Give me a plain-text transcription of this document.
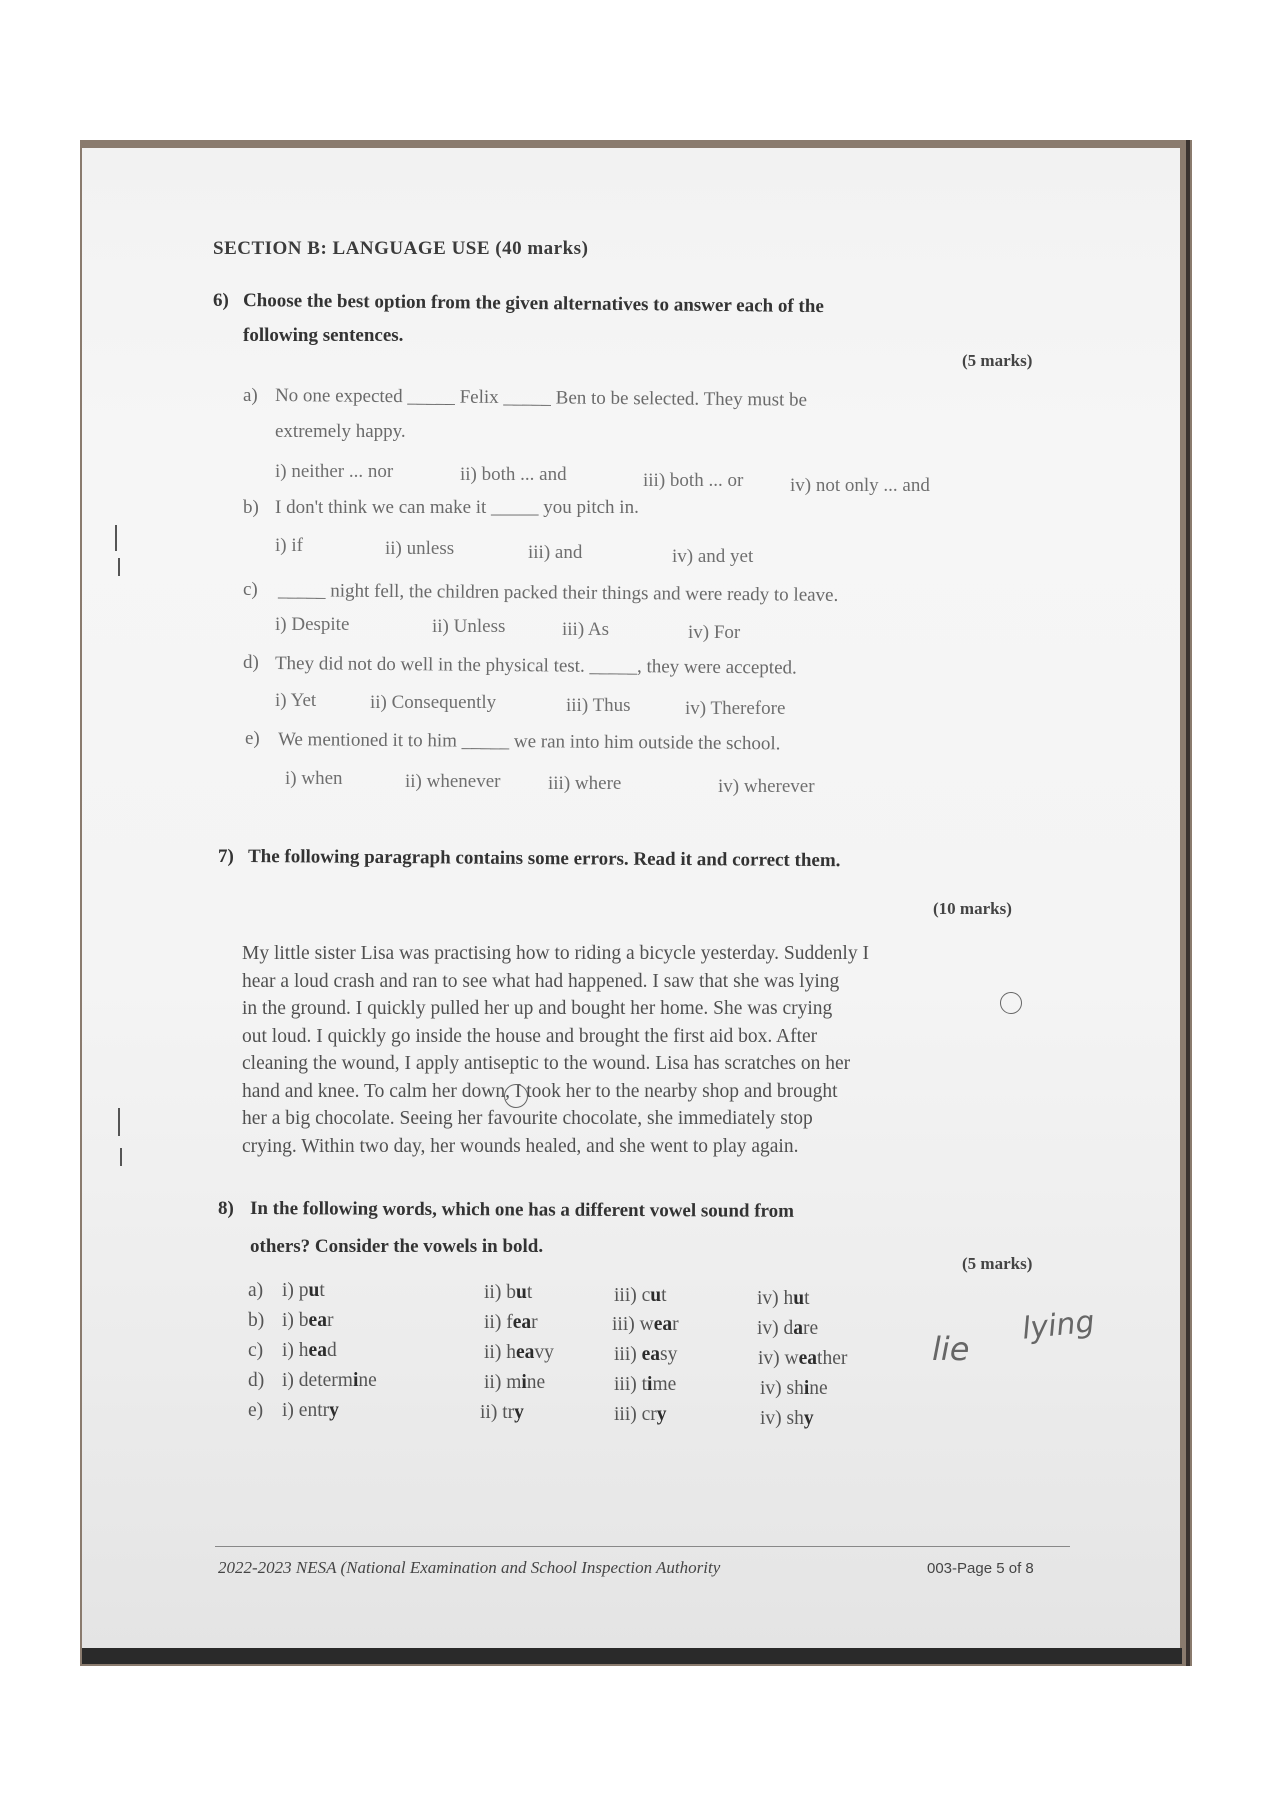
SECTION B: LANGUAGE USE (40 marks)
6) Choose the best option from the given alternatives to answer each of the
following sentences.
(5 marks)
a) No one expected _____ Felix _____ Ben to be selected. They must be
extremely happy.
i) neither ... nor	ii) both ... and	iii) both ... or iv) not only ... and
b) I don't think we can make it _____ you pitch in.
i) if	ii) unless	iii) and	iv) and yet
c) _____ night fell, the children packed their things and were ready to leave.
i) Despite	ii) Unless	iii) As	iv) For
d) They did not do well in the physical test. _____, they were accepted.
i) Yet	ii) Consequently	iii) Thus	iv) Therefore
e) We mentioned it to him _____ we ran into him outside the school.
i) when	ii) whenever	iii) where	iv) wherever
7) The following paragraph contains some errors. Read it and correct them.
(10 marks)
My little sister Lisa was practising how to riding a bicycle yesterday. Suddenly I
hear a loud crash and ran to see what had happened. I saw that she was lying
in the ground. I quickly pulled her up and bought her home. She was crying
out loud. I quickly go inside the house and brought the first aid box. After
cleaning the wound, I apply antiseptic to the wound. Lisa has scratches on her
hand and knee. To calm her down, I took her to the nearby shop and brought
her a big chocolate. Seeing her favourite chocolate, she immediately stop
crying. Within two day, her wounds healed, and she went to play again.
8) In the following words, which one has a different vowel sound from
others? Consider the vowels in bold.
(5 marks)
a) i) put	ii) but	iii) cut	iv) hut
b) i) bear	ii) fear	iii) wear	iv) dare
c) i) head	ii) heavy	iii) easy	iv) weather
d) i) determine	ii) mine	iii) time	iv) shine
e) i) entry	ii) try	iii) cry	iv) shy
lie
lying
2022-2023 NESA (National Examination and School Inspection Authority	003-Page 5 of 8
